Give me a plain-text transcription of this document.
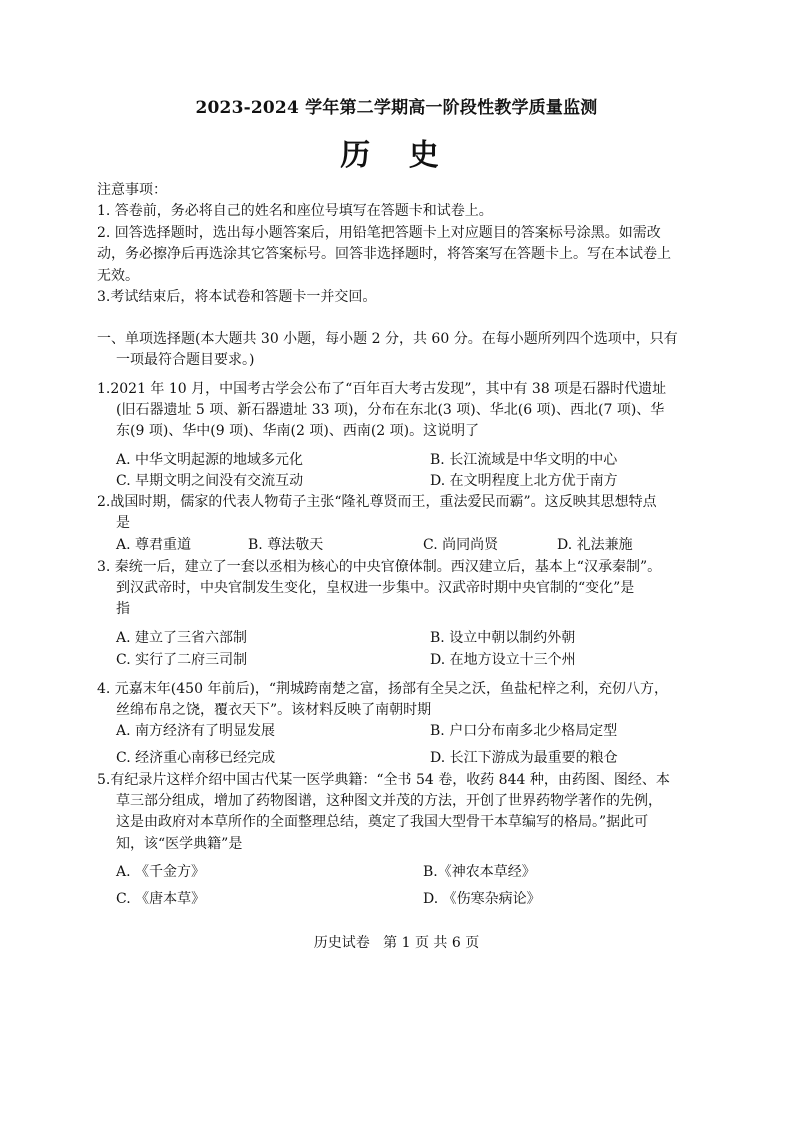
2023-2024 学年第二学期高一阶段性教学质量监测
历 史
注意事项：
1. 答卷前，务必将自己的姓名和座位号填写在答题卡和试卷上。
2. 回答选择题时，选出每小题答案后，用铅笔把答题卡上对应题目的答案标号涂黑。如需改
动，务必擦净后再选涂其它答案标号。回答非选择题时，将答案写在答题卡上。写在本试卷上
无效。
3.考试结束后，将本试卷和答题卡一并交回。
一、单项选择题(本大题共 30 小题，每小题 2 分，共 60 分。在每小题所列四个选项中，只有
一项最符合题目要求。)
1.2021 年 10 月，中国考古学会公布了“百年百大考古发现”，其中有 38 项是石器时代遗址
(旧石器遗址 5 项、新石器遗址 33 项)，分布在东北(3 项)、华北(6 项)、西北(7 项)、华
东(9 项)、华中(9 项)、华南(2 项)、西南(2 项)。这说明了
A. 中华文明起源的地域多元化	B. 长江流域是中华文明的中心
C. 早期文明之间没有交流互动	D. 在文明程度上北方优于南方
2.战国时期，儒家的代表人物荀子主张“隆礼尊贤而王，重法爱民而霸”。这反映其思想特点
是
A. 尊君重道	B. 尊法敬天	C. 尚同尚贤	D. 礼法兼施
3. 秦统一后，建立了一套以丞相为核心的中央官僚体制。西汉建立后，基本上“汉承秦制”。
到汉武帝时，中央官制发生变化，皇权进一步集中。汉武帝时期中央官制的“变化”是
指
A. 建立了三省六部制	B. 设立中朝以制约外朝
C. 实行了二府三司制	D. 在地方设立十三个州
4. 元嘉末年(450 年前后)，“荆城跨南楚之富，扬部有全吴之沃，鱼盐杞梓之利，充仞八方，
丝绵布帛之饶，覆衣天下”。该材料反映了南朝时期
A. 南方经济有了明显发展	B. 户口分布南多北少格局定型
C. 经济重心南移已经完成	D. 长江下游成为最重要的粮仓
5.有纪录片这样介绍中国古代某一医学典籍：“全书 54 卷，收药 844 种，由药图、图经、本
草三部分组成，增加了药物图谱，这种图文并茂的方法，开创了世界药物学著作的先例，
这是由政府对本草所作的全面整理总结，奠定了我国大型骨干本草编写的格局。”据此可
知，该“医学典籍”是
A. 《千金方》	B.《神农本草经》
C. 《唐本草》	D. 《伤寒杂病论》
历史试卷   第 1 页 共 6 页
